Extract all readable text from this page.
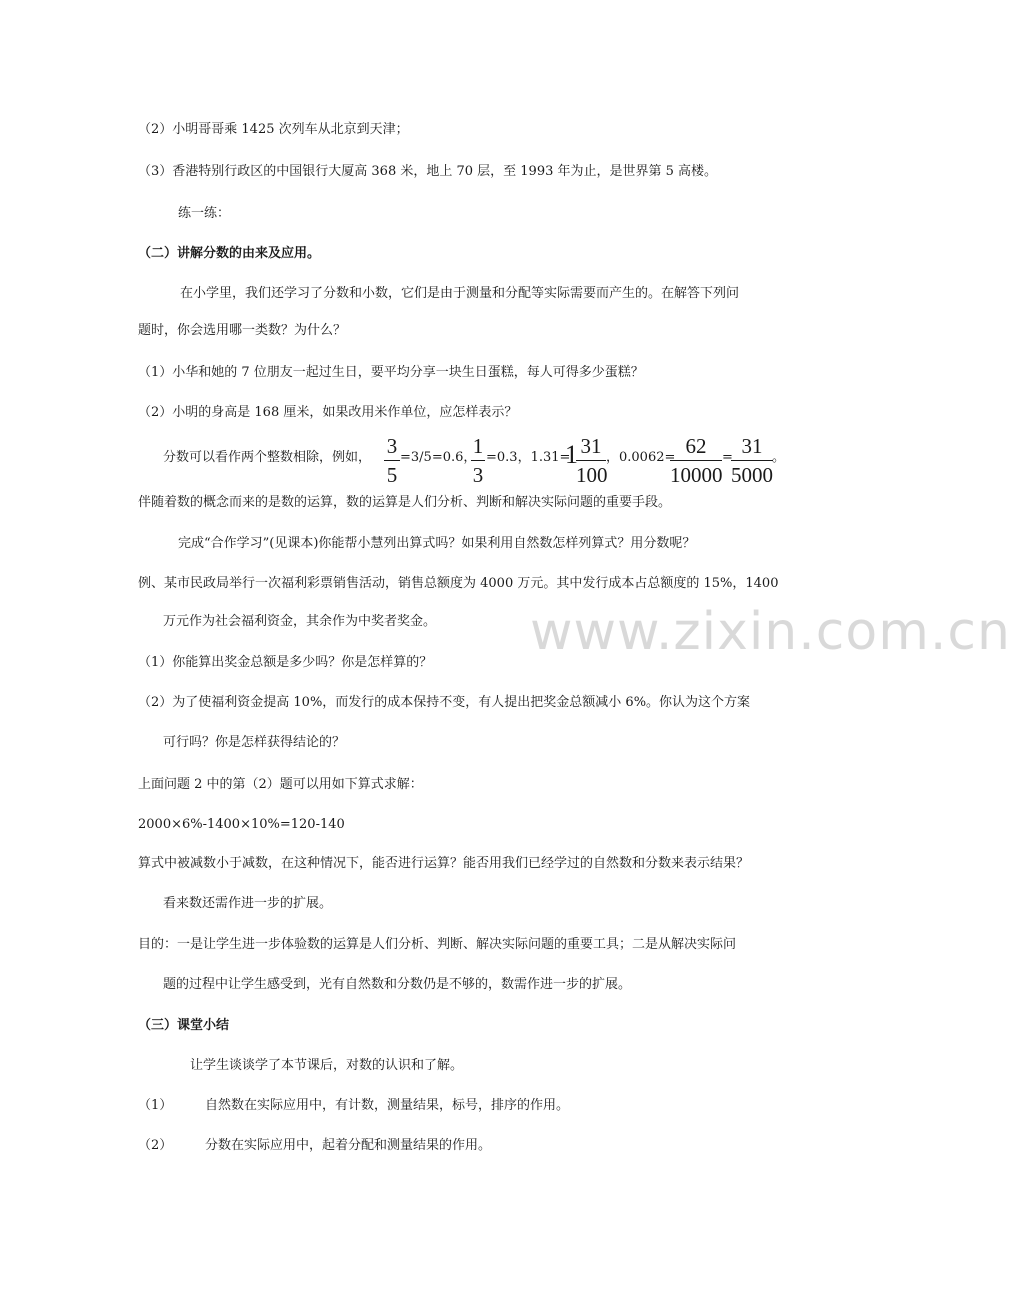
（2）小明哥哥乘 1425 次列车从北京到天津；
（3）香港特别行政区的中国银行大厦高 368 米，地上 70 层，至 1993 年为止，是世界第 5 高楼。
练一练：
（二）讲解分数的由来及应用。
在小学里，我们还学习了分数和小数，它们是由于测量和分配等实际需要而产生的。在解答下列问
题时，你会选用哪一类数？为什么？
（1）小华和她的 7 位朋友一起过生日，要平均分享一块生日蛋糕，每人可得多少蛋糕？
（2）小明的身高是 168 厘米，如果改用米作单位，应怎样表示？
分数可以看作两个整数相除，例如， 3
5
=3/5=0.6，
1
3
=0.3，1.31=
1 31
100
，0.0062= 62
10000
= 31
5000
。
伴随着数的概念而来的是数的运算，数的运算是人们分析、判断和解决实际问题的重要手段。
完成“合作学习”(见课本)你能帮小慧列出算式吗？如果利用自然数怎样列算式？用分数呢？
例、某市民政局举行一次福利彩票销售活动，销售总额度为 4000 万元。其中发行成本占总额度的 15%，1400
万元作为社会福利资金，其余作为中奖者奖金。 www.zixin.com.cn
（1）你能算出奖金总额是多少吗？你是怎样算的？
（2）为了使福利资金提高 10%，而发行的成本保持不变，有人提出把奖金总额减小 6%。你认为这个方案
可行吗？你是怎样获得结论的？
上面问题 2 中的第（2）题可以用如下算式求解：
2000×6%-1400×10%=120-140
算式中被减数小于减数，在这种情况下，能否进行运算？能否用我们已经学过的自然数和分数来表示结果？
看来数还需作进一步的扩展。
目的：一是让学生进一步体验数的运算是人们分析、判断、解决实际问题的重要工具；二是从解决实际问
题的过程中让学生感受到，光有自然数和分数仍是不够的，数需作进一步的扩展。
（三）课堂小结
让学生谈谈学了本节课后，对数的认识和了解。
（1）	自然数在实际应用中，有计数，测量结果，标号，排序的作用。
（2）	分数在实际应用中，起着分配和测量结果的作用。
